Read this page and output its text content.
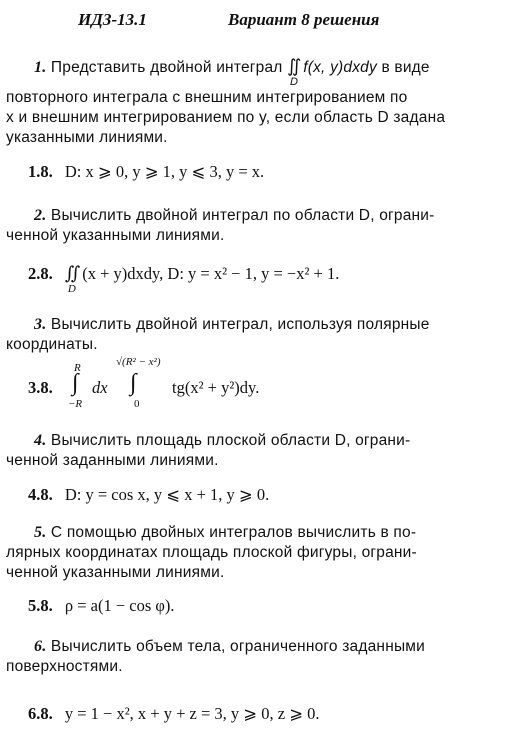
ИДЗ-13.1	Вариант 8 решения
1. Представить двойной интеграл ∬
D
f(x, y)dxdy в виде
повторного интеграла с внешним интегрированием по
x и внешним интегрированием по y, если область D задана
указанными линиями.
1.8. D: x ⩾ 0, y ⩾ 1, y ⩽ 3, y = x.
2. Вычислить двойной интеграл по области D, ограни-
ченной указанными линиями.
2.8. ∬
D
(x + y)dxdy, D: y = x² − 1, y = −x² + 1.
3. Вычислить двойной интеграл, используя полярные
координаты.
3.8.
R
∫
−R
dx
√(R² − x²)
∫
0
tg(x² + y²)dy.
4. Вычислить площадь плоской области D, ограни-
ченной заданными линиями.
4.8. D: y = cos x, y ⩽ x + 1, y ⩾ 0.
5. С помощью двойных интегралов вычислить в по-
лярных координатах площадь плоской фигуры, ограни-
ченной указанными линиями.
5.8. ρ = a(1 − cos φ).
6. Вычислить объем тела, ограниченного заданными
поверхностями.
6.8. y = 1 − x², x + y + z = 3, y ⩾ 0, z ⩾ 0.
